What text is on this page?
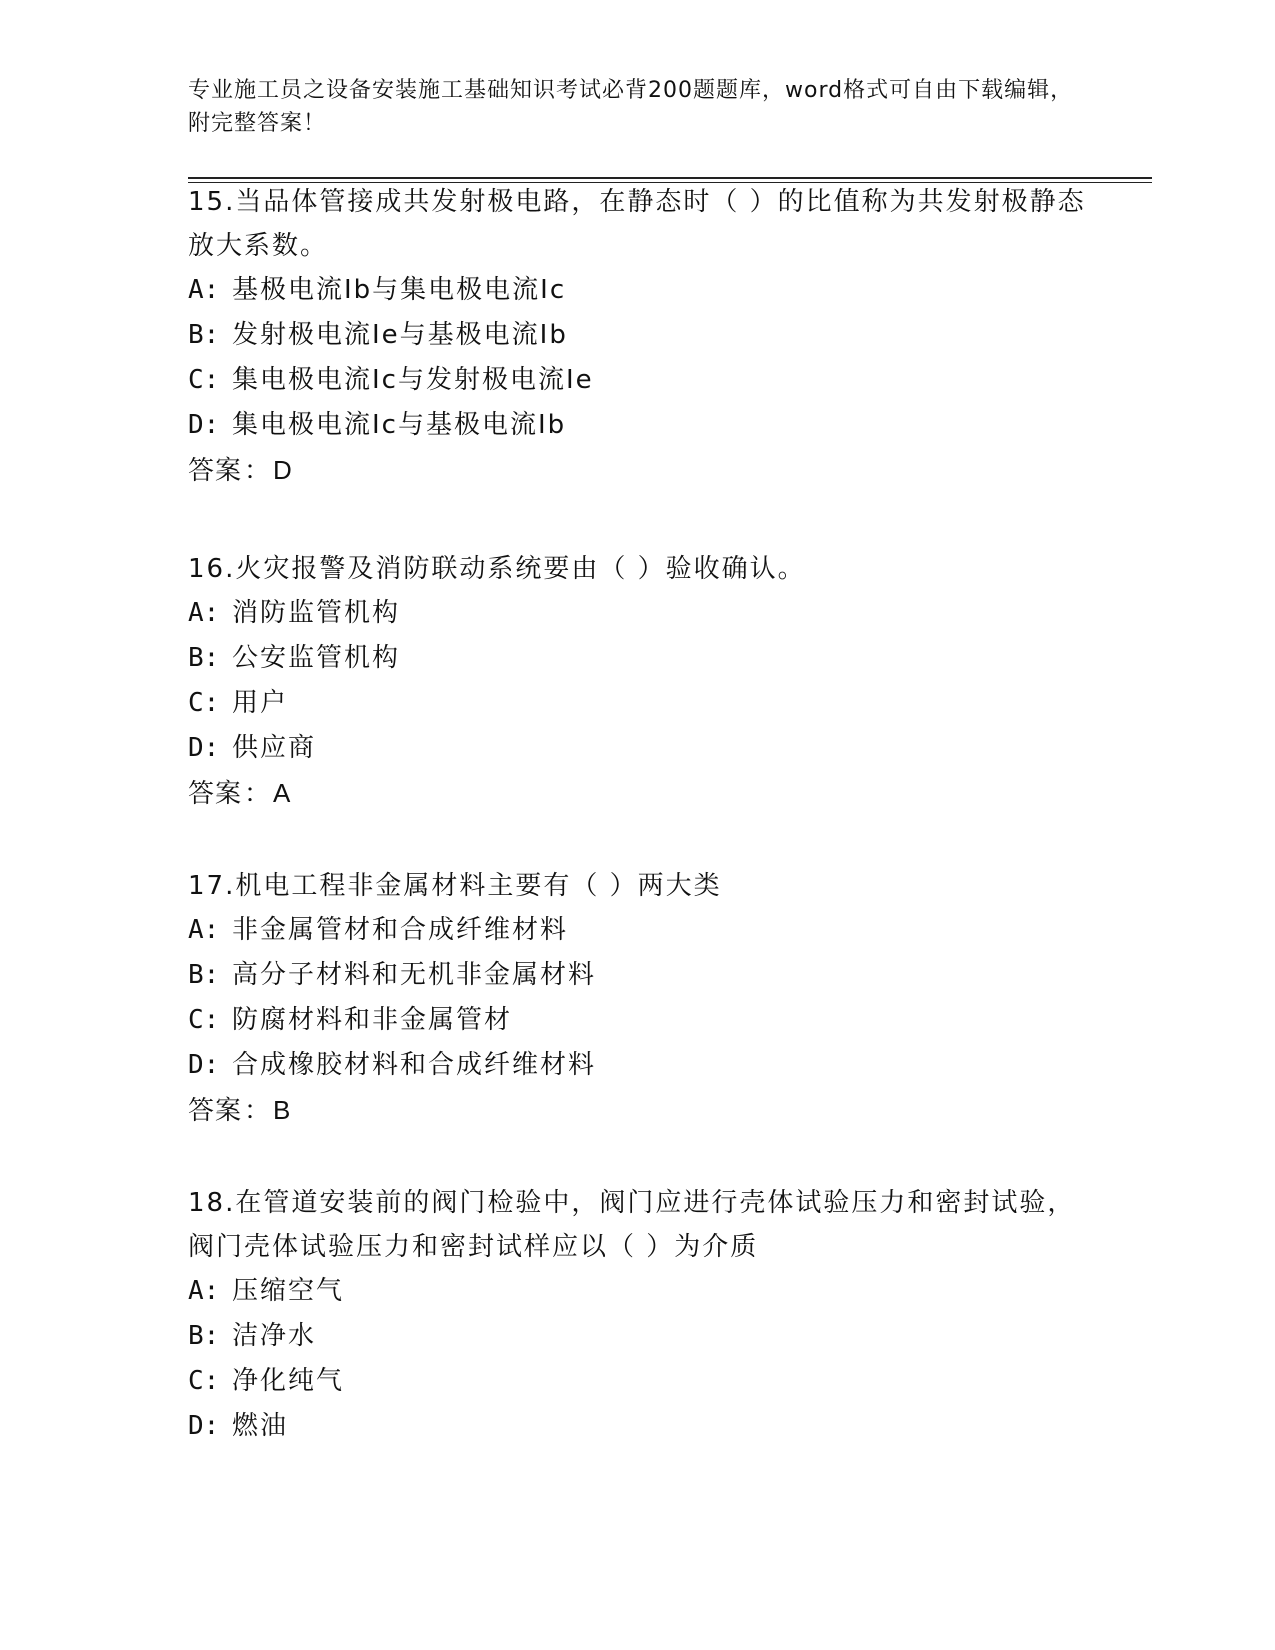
专业施工员之设备安装施工基础知识考试必背200题题库，word格式可自由下载编辑，附完整答案！

15.当品体管接成共发射极电路，在静态时（ ）的比值称为共发射极静态放大系数。

A: 基极电流Ib与集电极电流Ic
B: 发射极电流Ie与基极电流Ib
C: 集电极电流Ic与发射极电流Ie
D: 集电极电流Ic与基极电流Ib
答案：D

16.火灾报警及消防联动系统要由（ ）验收确认。

A: 消防监管机构
B: 公安监管机构
C: 用户
D: 供应商
答案：A

17.机电工程非金属材料主要有（ ）两大类

A: 非金属管材和合成纤维材料
B: 高分子材料和无机非金属材料
C: 防腐材料和非金属管材
D: 合成橡胶材料和合成纤维材料
答案：B

18.在管道安装前的阀门检验中，阀门应进行壳体试验压力和密封试验，阀门壳体试验压力和密封试样应以（ ）为介质

A: 压缩空气
B: 洁净水
C: 净化纯气
D: 燃油
